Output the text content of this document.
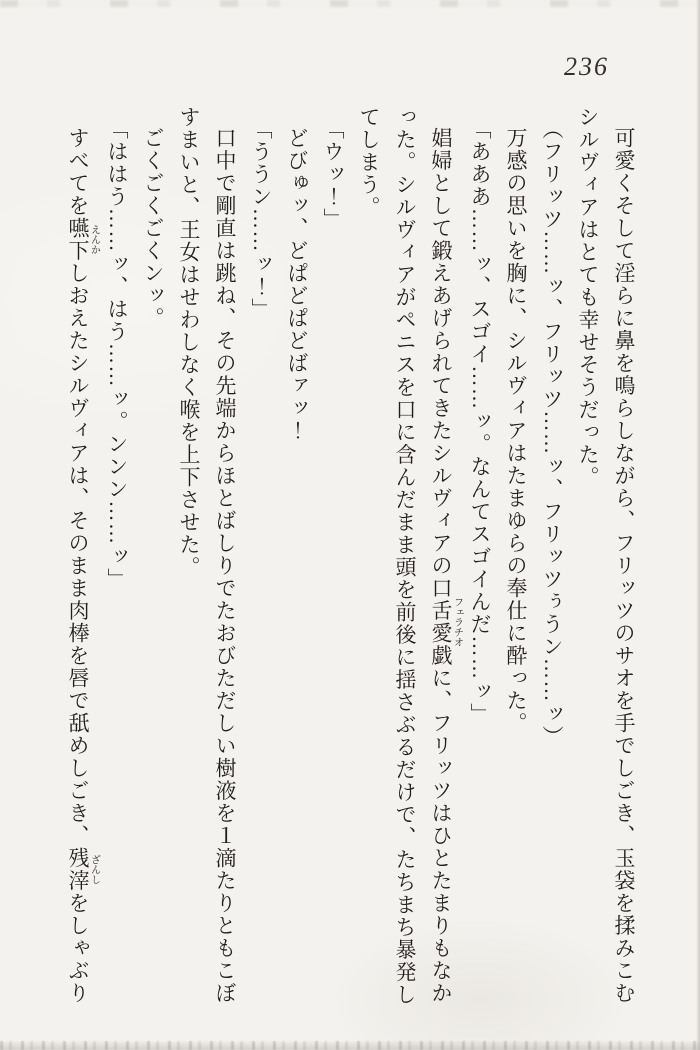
236

可愛くそして淫らに鼻を鳴らしながら、フリッツのサオを手でしごき、玉袋を揉みこむシルヴィアはとても幸せそうだった。

（フリッツ……ッ、フリッツ……ッ、フリッツぅうン……ッ）

万感の思いを胸に、シルヴィアはたまゆらの奉仕に酔った。

「あああ……ッ、スゴイ……ッ。なんてスゴイんだ……ッ」

娼婦として鍛えあげられてきたシルヴィアの口舌愛戯フェラチオに、フリッツはひとたまりもなかった。シルヴィアがペニスを口に含んだまま頭を前後に揺さぶるだけで、たちまち暴発してしまう。

「ウッ！」

どびゅッ、どぱどぱどばァッ！

「ううン……ッ！」

口中で剛直は跳ね、その先端からほとばしりでたおびただしい樹液を１滴たりともこぼすまいと、王女はせわしなく喉を上下させた。

ごくごくごくンッ。

「ははう……ッ、はう……ッ。ンンン……ッ」

すべてを嚥下えんかしおえたシルヴィアは、そのまま肉棒を唇で舐めしごき、残滓ざんしをしゃぶり
